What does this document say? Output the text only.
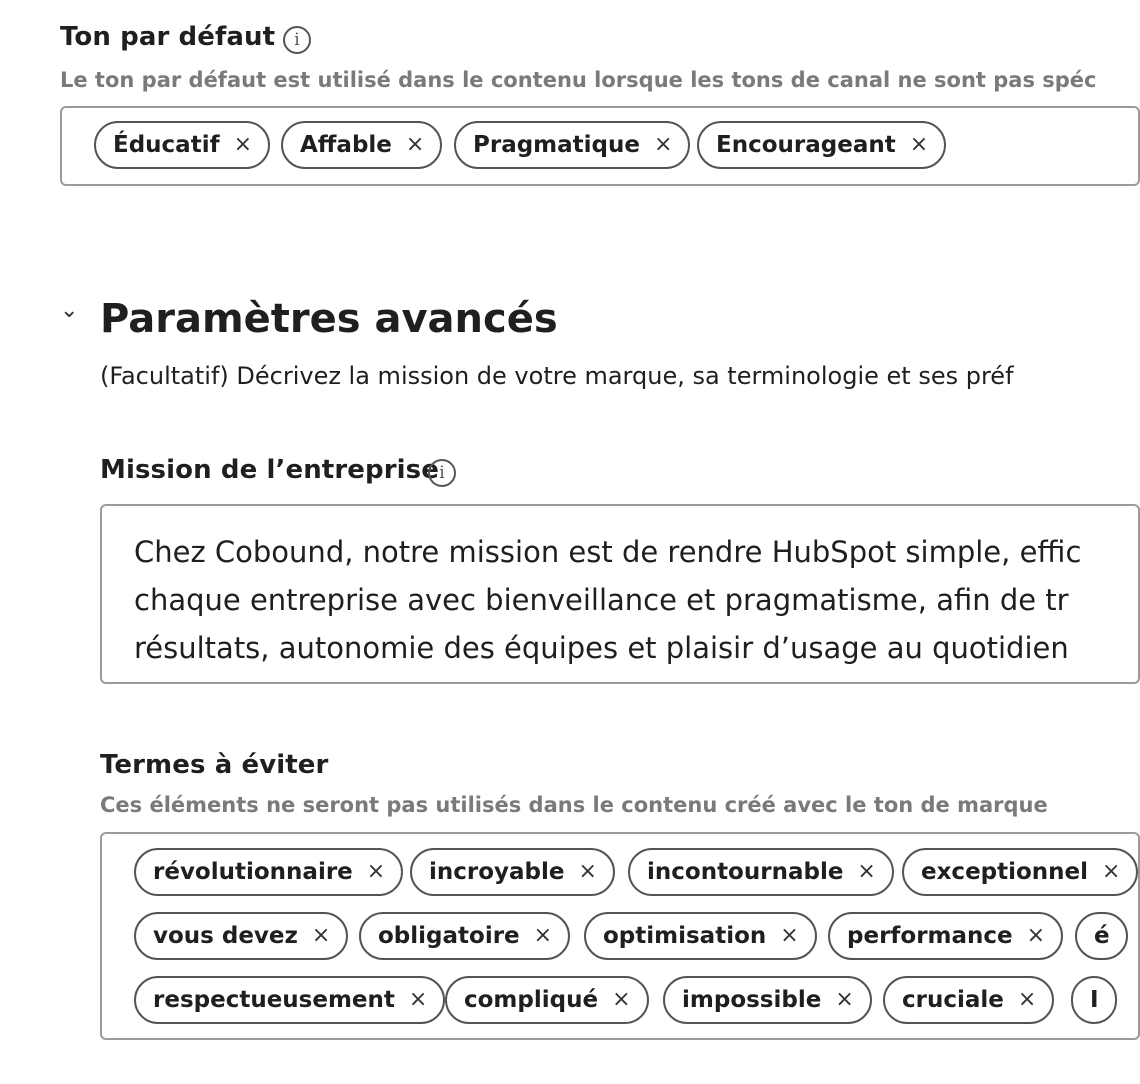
Ton par défaut	i
Le ton par défaut est utilisé dans le contenu lorsque les tons de canal ne sont pas spéc
Éducatif × Affable × Pragmatique × Encourageant ×
⌄ Paramètres avancés
(Facultatif) Décrivez la mission de votre marque, sa terminologie et ses préf
Mission de l’entreprise i
Chez Cobound, notre mission est de rendre HubSpot simple, effic
chaque entreprise avec bienveillance et pragmatisme, afin de tr
résultats, autonomie des équipes et plaisir d’usage au quotidien
Termes à éviter
Ces éléments ne seront pas utilisés dans le contenu créé avec le ton de marque
révolutionnaire × incroyable × incontournable × exceptionnel ×
vous devez × obligatoire × optimisation × performance × é
respectueusement × compliqué × impossible × cruciale × I
